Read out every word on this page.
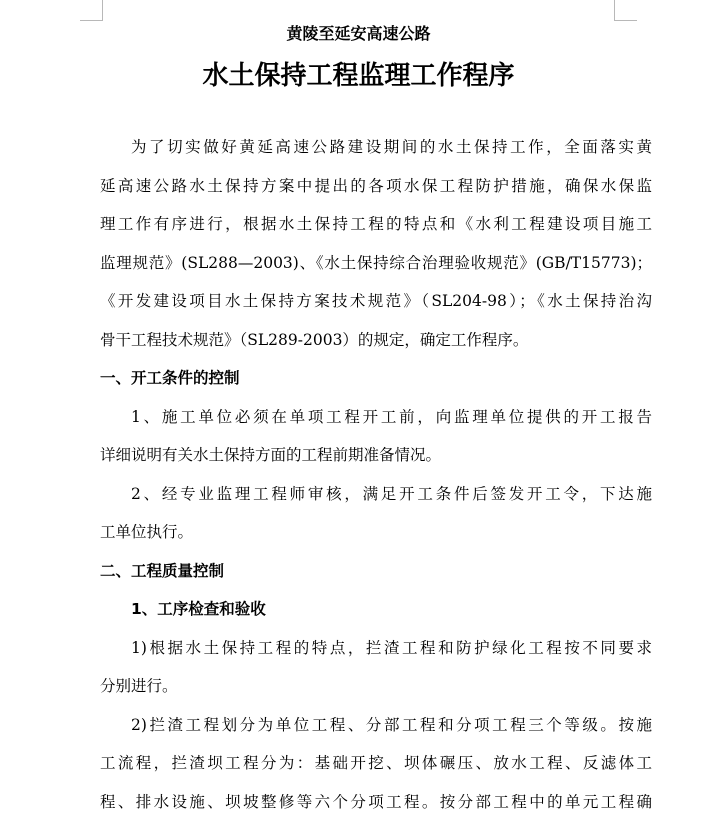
黄陵至延安高速公路
水土保持工程监理工作程序
为了切实做好黄延高速公路建设期间的水土保持工作，全面落实黄
延高速公路水土保持方案中提出的各项水保工程防护措施，确保水保监
理工作有序进行，根据水土保持工程的特点和《水利工程建设项目施工
监理规范》(SL288—2003)、《水土保持综合治理验收规范》(GB/T15773)；
《开发建设项目水土保持方案技术规范》（SL204-98）；《水土保持治沟
骨干工程技术规范》（SL289-2003）的规定，确定工作程序。
一、开工条件的控制
1、施工单位必须在单项工程开工前，向监理单位提供的开工报告
详细说明有关水土保持方面的工程前期准备情况。
2、经专业监理工程师审核，满足开工条件后签发开工令，下达施
工单位执行。
二、工程质量控制
1、工序检查和验收
1)根据水土保持工程的特点，拦渣工程和防护绿化工程按不同要求
分别进行。
2)拦渣工程划分为单位工程、分部工程和分项工程三个等级。按施
工流程，拦渣坝工程分为：基础开挖、坝体碾压、放水工程、反滤体工
程、排水设施、坝坡整修等六个分项工程。按分部工程中的单元工程确
